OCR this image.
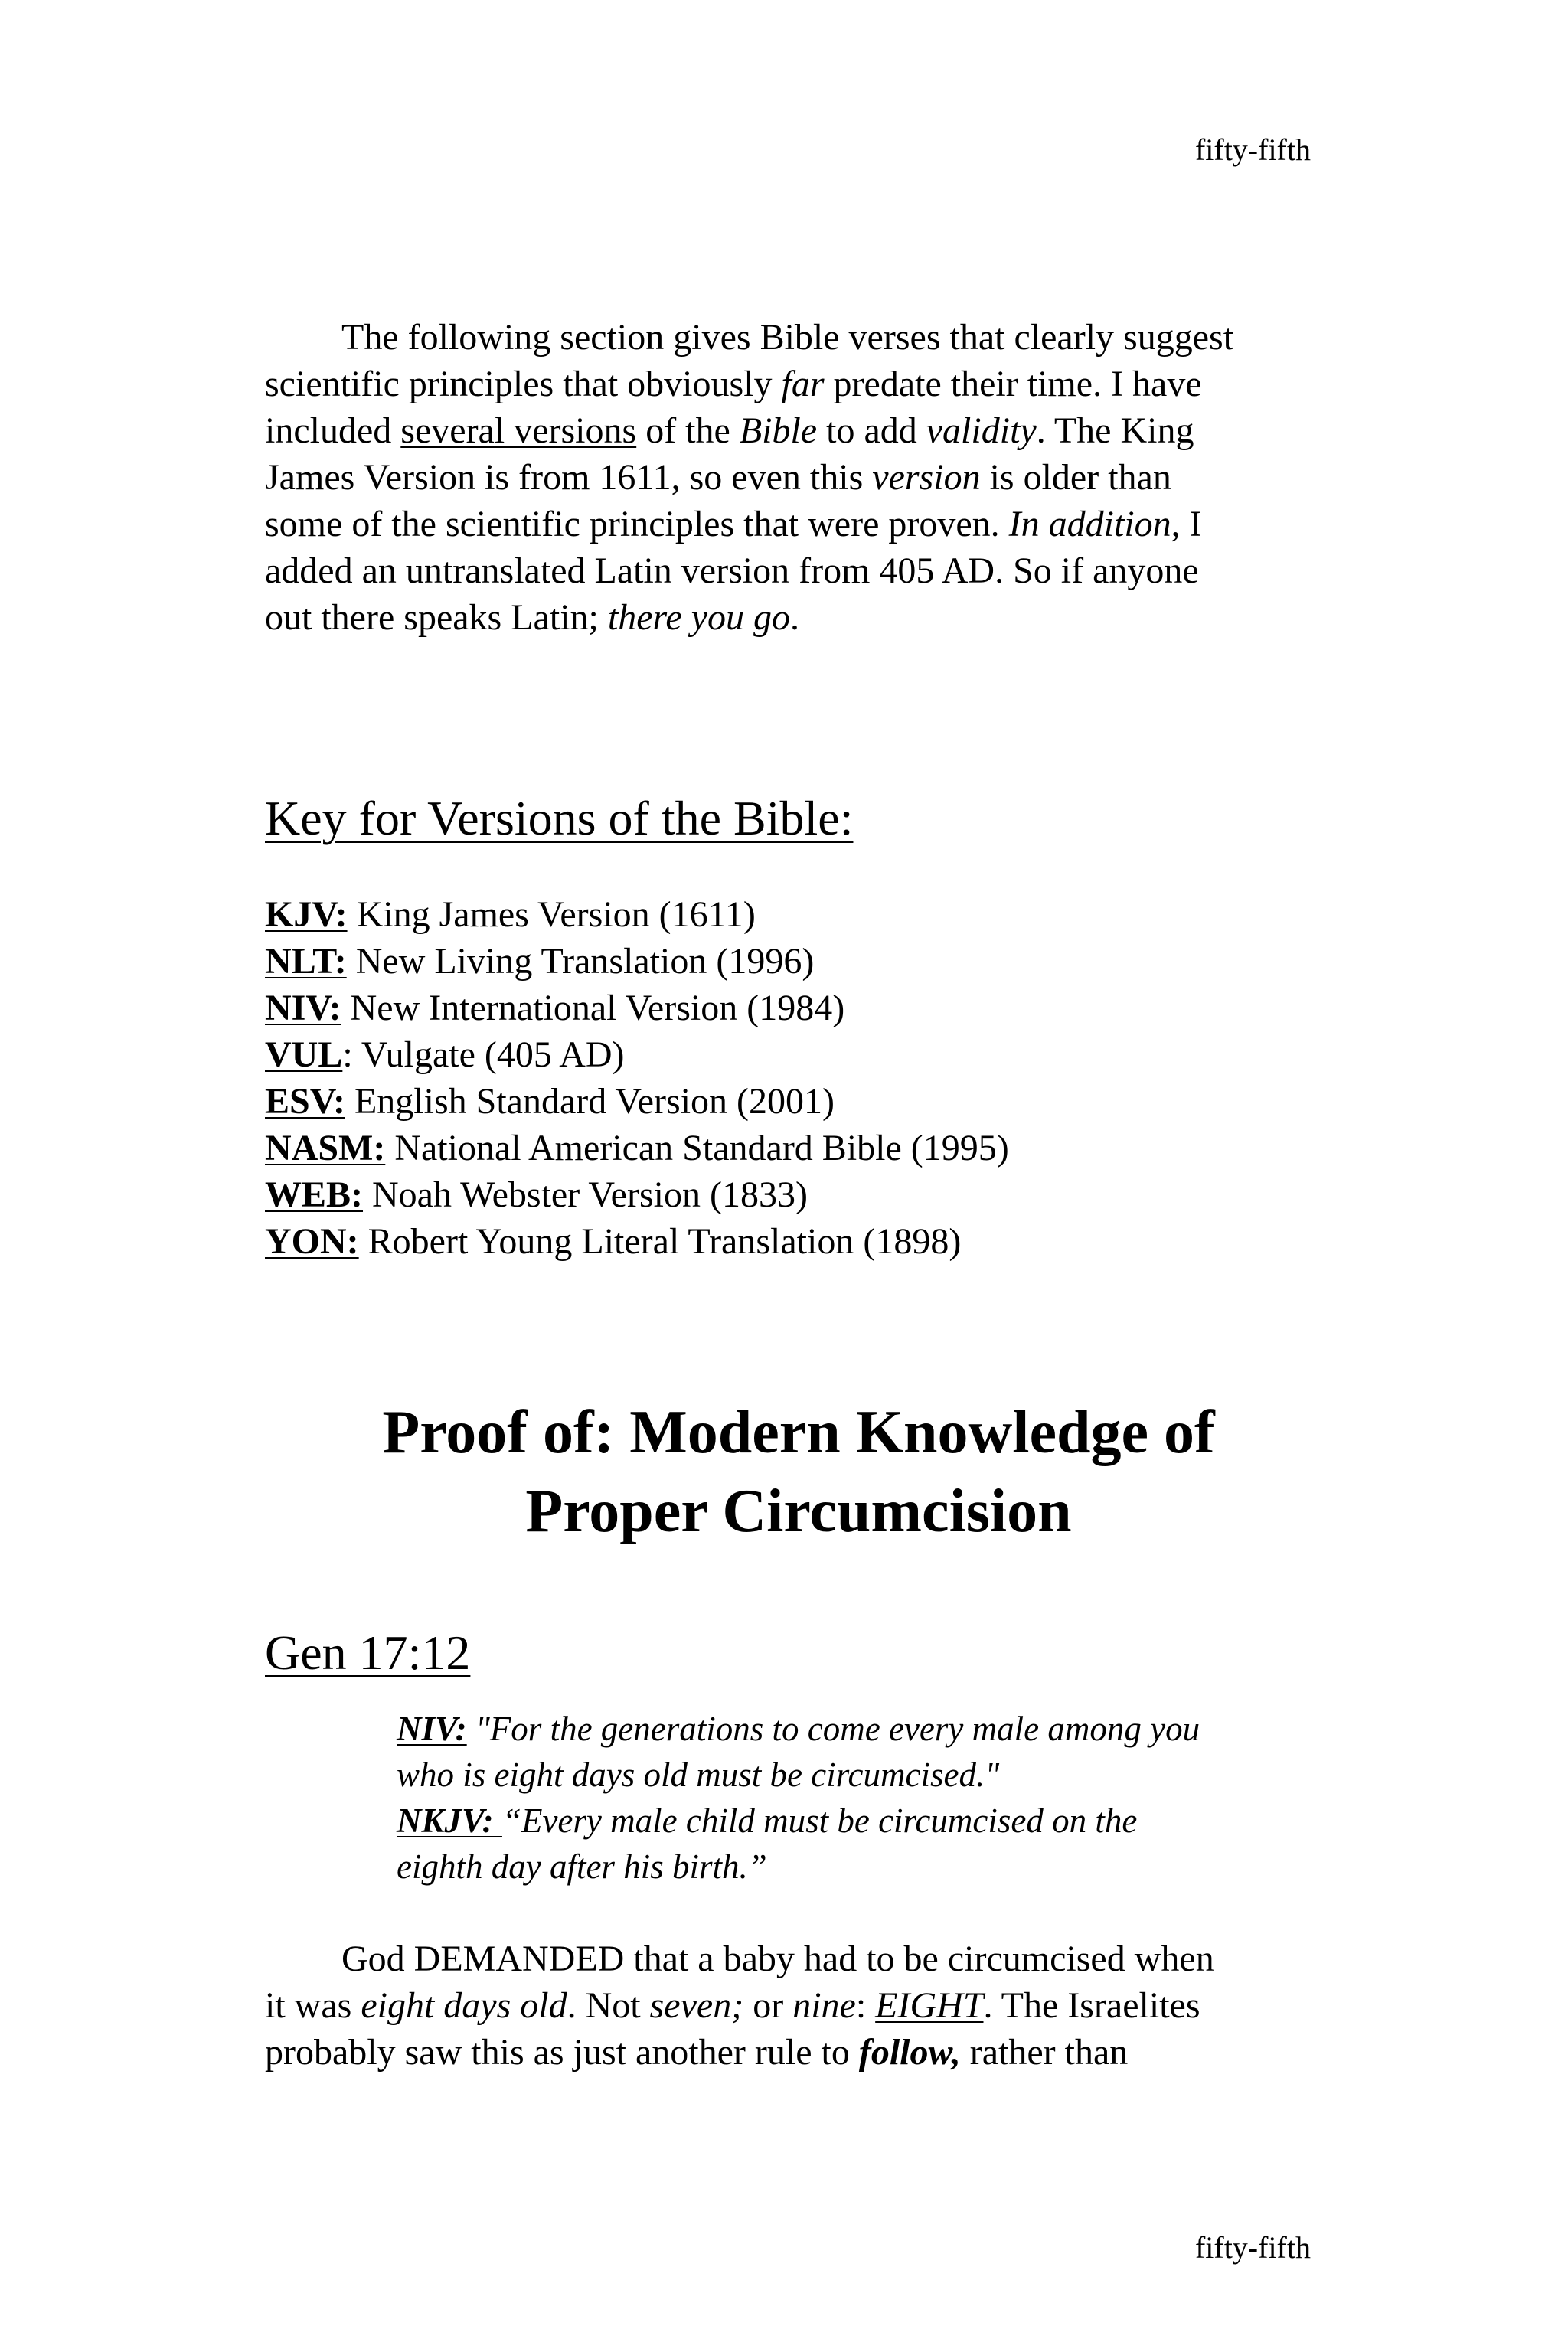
fifty-fifth
The following section gives Bible verses that clearly suggest
scientific principles that obviously far predate their time. I have
included several versions of the Bible to add validity. The King
James Version is from 1611, so even this version is older than
some of the scientific principles that were proven. In addition, I
added an untranslated Latin version from 405 AD. So if anyone
out there speaks Latin; there you go.
Key for Versions of the Bible:
KJV: King James Version (1611)
NLT: New Living Translation (1996)
NIV: New International Version (1984)
VUL: Vulgate (405 AD)
ESV: English Standard Version (2001)
NASM: National American Standard Bible (1995)
WEB: Noah Webster Version (1833)
YON: Robert Young Literal Translation (1898)
Proof of: Modern Knowledge of
Proper Circumcision
Gen 17:12
NIV: "For the generations to come every male among you
who is eight days old must be circumcised."
NKJV: “Every male child must be circumcised on the
eighth day after his birth.”
God DEMANDED that a baby had to be circumcised when
it was eight days old. Not seven; or nine: EIGHT. The Israelites
probably saw this as just another rule to follow, rather than
fifty-fifth
